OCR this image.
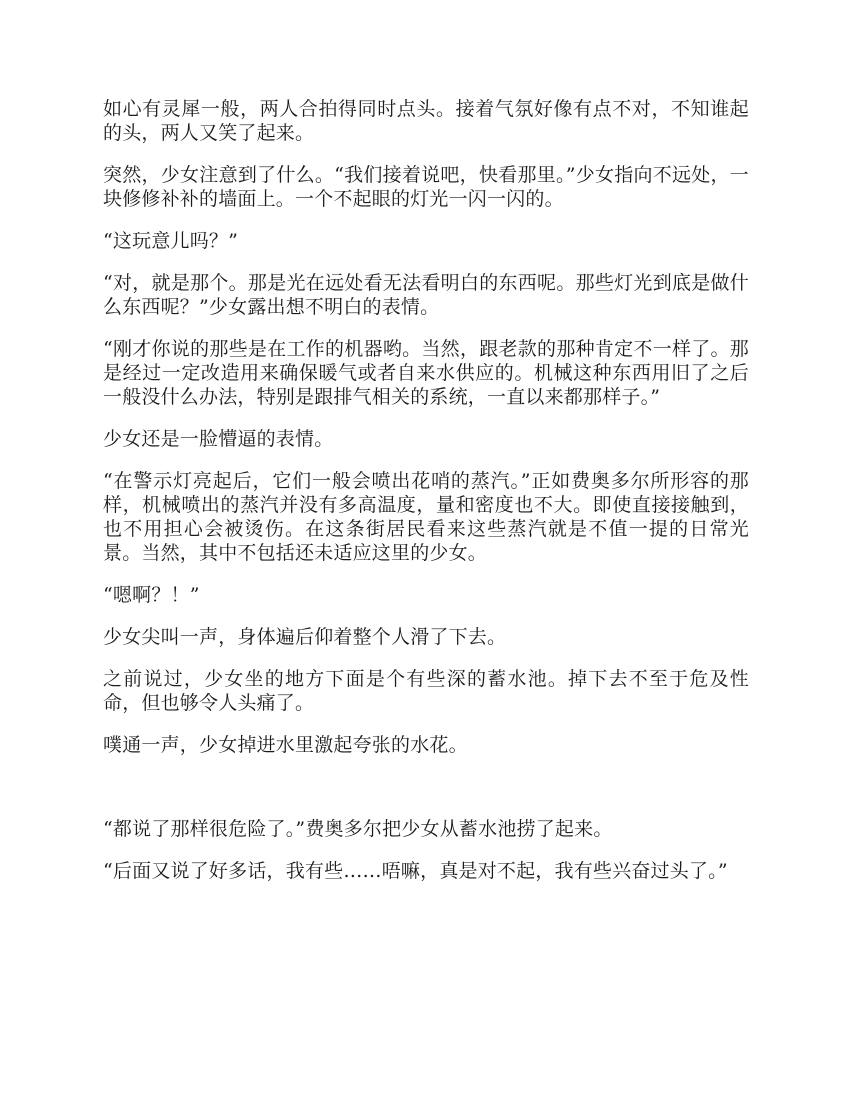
如心有灵犀一般，两人合拍得同时点头。接着气氛好像有点不对，不知谁起的头，两人又笑了起来。

突然，少女注意到了什么。“我们接着说吧，快看那里。”少女指向不远处，一块修修补补的墙面上。一个不起眼的灯光一闪一闪的。

“这玩意儿吗？”

“对，就是那个。那是光在远处看无法看明白的东西呢。那些灯光到底是做什么东西呢？”少女露出想不明白的表情。

“刚才你说的那些是在工作的机器哟。当然，跟老款的那种肯定不一样了。那是经过一定改造用来确保暖气或者自来水供应的。机械这种东西用旧了之后一般没什么办法，特别是跟排气相关的系统，一直以来都那样子。”

少女还是一脸懵逼的表情。

“在警示灯亮起后，它们一般会喷出花哨的蒸汽。”正如费奥多尔所形容的那样，机械喷出的蒸汽并没有多高温度，量和密度也不大。即使直接接触到，也不用担心会被烫伤。在这条街居民看来这些蒸汽就是不值一提的日常光景。当然，其中不包括还未适应这里的少女。

“嗯啊？！”

少女尖叫一声，身体遍后仰着整个人滑了下去。

之前说过，少女坐的地方下面是个有些深的蓄水池。掉下去不至于危及性命，但也够令人头痛了。

噗通一声，少女掉进水里激起夸张的水花。

“都说了那样很危险了。”费奥多尔把少女从蓄水池捞了起来。

“后面又说了好多话，我有些……唔嘛，真是对不起，我有些兴奋过头了。”
